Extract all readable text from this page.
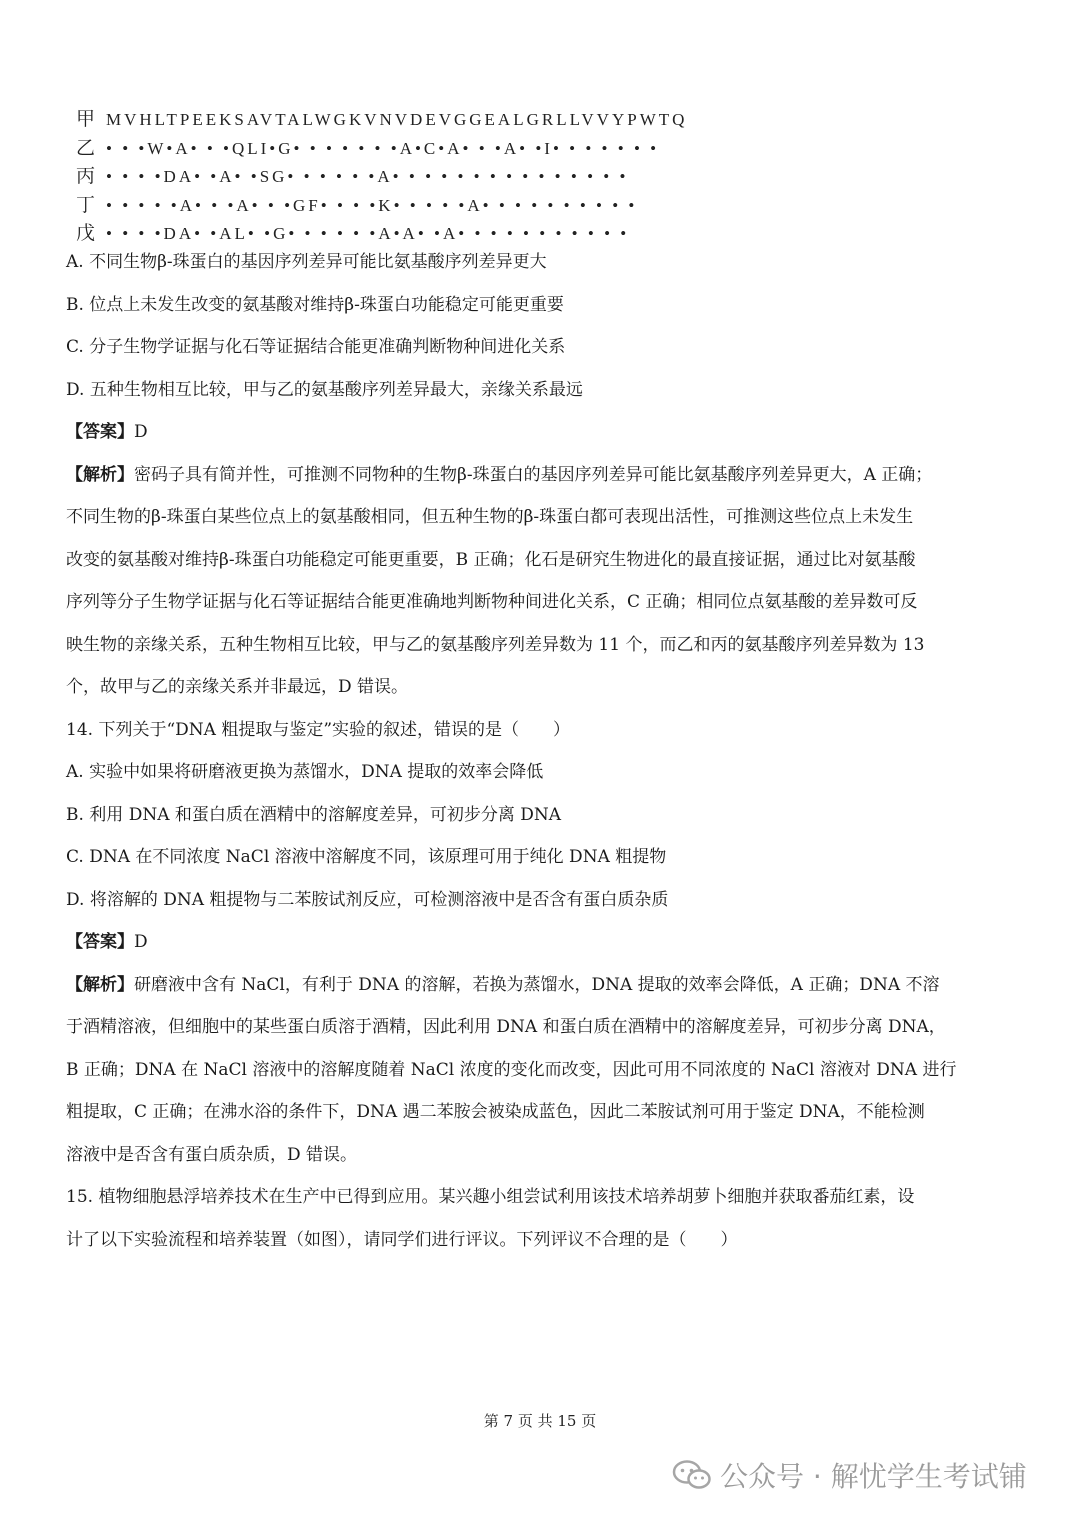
甲 MVHLTPEEKSAVTALWGKVNVDEVGGEALGRLLVVYPWTQ
乙 • • •W•A• • •QLI•G• • • • • • •A•C•A• • •A• •I• • • • • • •
丙 • • • •DA• •A• •SG• • • • • •A• • • • • • • • • • • • • • •
丁 • • • • •A• • •A• • •GF• • • •K• • • • •A• • • • • • • • • •
戊 • • • •DA• •AL• •G• • • • • •A•A• •A• • • • • • • • • • •
A. 不同生物β-珠蛋白的基因序列差异可能比氨基酸序列差异更大
B. 位点上未发生改变的氨基酸对维持β-珠蛋白功能稳定可能更重要
C. 分子生物学证据与化石等证据结合能更准确判断物种间进化关系
D. 五种生物相互比较，甲与乙的氨基酸序列差异最大，亲缘关系最远
【答案】D
【解析】密码子具有简并性，可推测不同物种的生物β-珠蛋白的基因序列差异可能比氨基酸序列差异更大，A 正确；
不同生物的β-珠蛋白某些位点上的氨基酸相同，但五种生物的β-珠蛋白都可表现出活性，可推测这些位点上未发生
改变的氨基酸对维持β-珠蛋白功能稳定可能更重要，B 正确；化石是研究生物进化的最直接证据，通过比对氨基酸
序列等分子生物学证据与化石等证据结合能更准确地判断物种间进化关系，C 正确；相同位点氨基酸的差异数可反
映生物的亲缘关系，五种生物相互比较，甲与乙的氨基酸序列差异数为 11 个，而乙和丙的氨基酸序列差异数为 13
个，故甲与乙的亲缘关系并非最远，D 错误。
14. 下列关于“DNA 粗提取与鉴定”实验的叙述，错误的是（　　）
A. 实验中如果将研磨液更换为蒸馏水，DNA 提取的效率会降低
B. 利用 DNA 和蛋白质在酒精中的溶解度差异，可初步分离 DNA
C. DNA 在不同浓度 NaCl 溶液中溶解度不同，该原理可用于纯化 DNA 粗提物
D. 将溶解的 DNA 粗提物与二苯胺试剂反应，可检测溶液中是否含有蛋白质杂质
【答案】D
【解析】研磨液中含有 NaCl，有利于 DNA 的溶解，若换为蒸馏水，DNA 提取的效率会降低，A 正确；DNA 不溶
于酒精溶液，但细胞中的某些蛋白质溶于酒精，因此利用 DNA 和蛋白质在酒精中的溶解度差异，可初步分离 DNA，
B 正确；DNA 在 NaCl 溶液中的溶解度随着 NaCl 浓度的变化而改变，因此可用不同浓度的 NaCl 溶液对 DNA 进行
粗提取，C 正确；在沸水浴的条件下，DNA 遇二苯胺会被染成蓝色，因此二苯胺试剂可用于鉴定 DNA，不能检测
溶液中是否含有蛋白质杂质，D 错误。
15. 植物细胞悬浮培养技术在生产中已得到应用。某兴趣小组尝试利用该技术培养胡萝卜细胞并获取番茄红素，设
计了以下实验流程和培养装置（如图），请同学们进行评议。下列评议不合理的是（　　）
第 7 页 共 15 页
公众号 · 解忧学生考试铺
